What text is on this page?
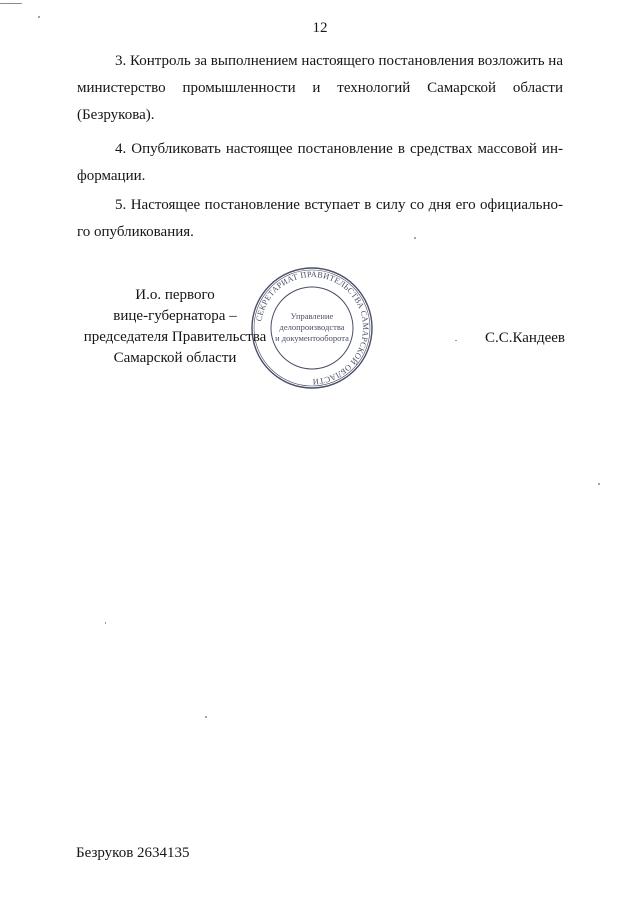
12

3. Контроль за выполнением настоящего постановления возложить на министерство промышленности и технологий Самарской области (Безрукова).

4. Опубликовать настоящее постановление в средствах массовой информации.

5. Настоящее постановление вступает в силу со дня его официального опубликования.

И.о. первого
вице-губернатора –
председателя Правительства
Самарской области
СЕКРЕТАРИАТ ПРАВИТЕЛЬСТВА САМАРСКОЙ ОБЛАСТИ
Управление
делопроизводства
и документооборота	С.С.Кандеев
Безруков 2634135
